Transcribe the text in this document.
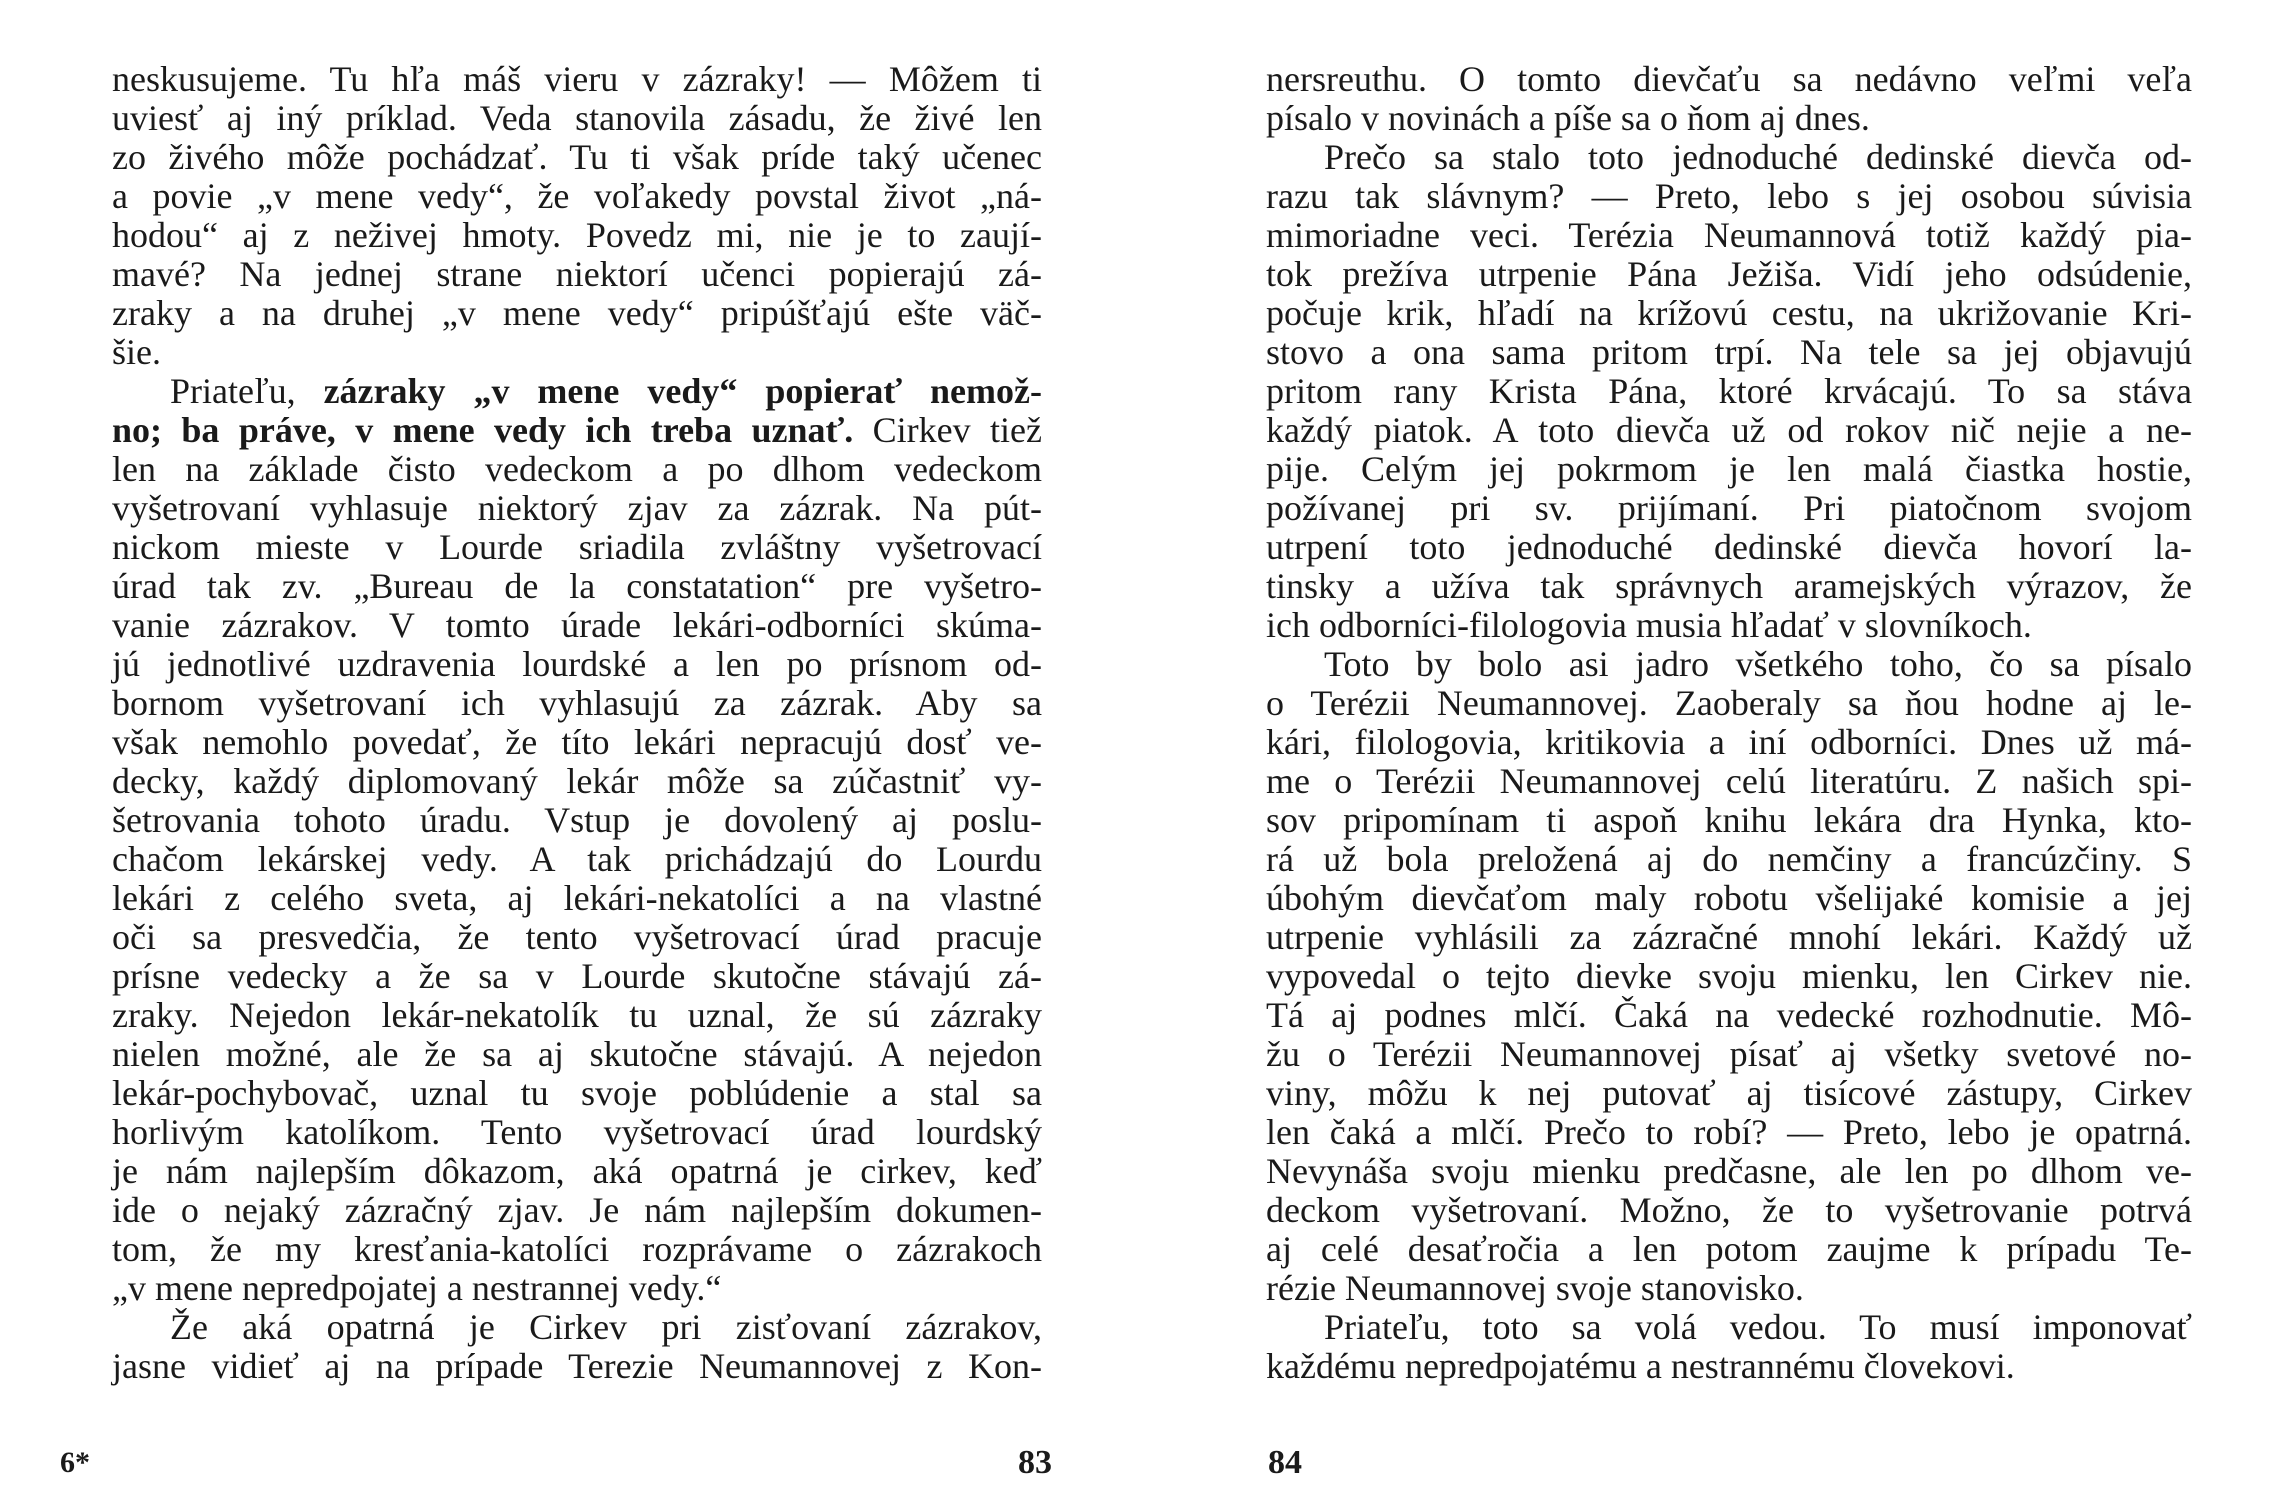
neskusujeme. Tu hľa máš vieru v zázraky! — Môžem ti
uviesť aj iný príklad. Veda stanovila zásadu, že živé len
zo živého môže pochádzať. Tu ti však príde taký učenec
a povie „v mene vedy“, že voľakedy povstal život „ná-
hodou“ aj z neživej hmoty. Povedz mi, nie je to zaují-
mavé? Na jednej strane niektorí učenci popierajú zá-
zraky a na druhej „v mene vedy“ pripúšťajú ešte väč-
šie.
Priateľu, zázraky „v mene vedy“ popierať nemož-
no; ba práve, v mene vedy ich treba uznať. Cirkev tiež
len na základe čisto vedeckom a po dlhom vedeckom
vyšetrovaní vyhlasuje niektorý zjav za zázrak. Na pút-
nickom mieste v Lourde sriadila zvláštny vyšetrovací
úrad tak zv. „Bureau de la constatation“ pre vyšetro-
vanie zázrakov. V tomto úrade lekári-odborníci skúma-
jú jednotlivé uzdravenia lourdské a len po prísnom od-
bornom vyšetrovaní ich vyhlasujú za zázrak. Aby sa
však nemohlo povedať, že títo lekári nepracujú dosť ve-
decky, každý diplomovaný lekár môže sa zúčastniť vy-
šetrovania tohoto úradu. Vstup je dovolený aj poslu-
chačom lekárskej vedy. A tak prichádzajú do Lourdu
lekári z celého sveta, aj lekári-nekatolíci a na vlastné
oči sa presvedčia, že tento vyšetrovací úrad pracuje
prísne vedecky a že sa v Lourde skutočne stávajú zá-
zraky. Nejedon lekár-nekatolík tu uznal, že sú zázraky
nielen možné, ale že sa aj skutočne stávajú. A nejedon
lekár-pochybovač, uznal tu svoje poblúdenie a stal sa
horlivým katolíkom. Tento vyšetrovací úrad lourdský
je nám najlepším dôkazom, aká opatrná je cirkev, keď
ide o nejaký zázračný zjav. Je nám najlepším dokumen-
tom, že my kresťania-katolíci rozprávame o zázrakoch
„v mene nepredpojatej a nestrannej vedy.“
Že aká opatrná je Cirkev pri zisťovaní zázrakov,
jasne vidieť aj na prípade Terezie Neumannovej z Kon-
6*	83
nersreuthu. O tomto dievčaťu sa nedávno veľmi veľa
písalo v novinách a píše sa o ňom aj dnes.
Prečo sa stalo toto jednoduché dedinské dievča od-
razu tak slávnym? — Preto, lebo s jej osobou súvisia
mimoriadne veci. Terézia Neumannová totiž každý pia-
tok prežíva utrpenie Pána Ježiša. Vidí jeho odsúdenie,
počuje krik, hľadí na krížovú cestu, na ukrižovanie Kri-
stovo a ona sama pritom trpí. Na tele sa jej objavujú
pritom rany Krista Pána, ktoré krvácajú. To sa stáva
každý piatok. A toto dievča už od rokov nič nejie a ne-
pije. Celým jej pokrmom je len malá čiastka hostie,
požívanej pri sv. prijímaní. Pri piatočnom svojom
utrpení toto jednoduché dedinské dievča hovorí la-
tinsky a užíva tak správnych aramejských výrazov, že
ich odborníci-filologovia musia hľadať v slovníkoch.
Toto by bolo asi jadro všetkého toho, čo sa písalo
o Terézii Neumannovej. Zaoberaly sa ňou hodne aj le-
kári, filologovia, kritikovia a iní odborníci. Dnes už má-
me o Terézii Neumannovej celú literatúru. Z našich spi-
sov pripomínam ti aspoň knihu lekára dra Hynka, kto-
rá už bola preložená aj do nemčiny a francúzčiny. S
úbohým dievčaťom maly robotu všelijaké komisie a jej
utrpenie vyhlásili za zázračné mnohí lekári. Každý už
vypovedal o tejto dievke svoju mienku, len Cirkev nie.
Tá aj podnes mlčí. Čaká na vedecké rozhodnutie. Mô-
žu o Terézii Neumannovej písať aj všetky svetové no-
viny, môžu k nej putovať aj tisícové zástupy, Cirkev
len čaká a mlčí. Prečo to robí? — Preto, lebo je opatrná.
Nevynáša svoju mienku predčasne, ale len po dlhom ve-
deckom vyšetrovaní. Možno, že to vyšetrovanie potrvá
aj celé desaťročia a len potom zaujme k prípadu Te-
rézie Neumannovej svoje stanovisko.
Priateľu, toto sa volá vedou. To musí imponovať
každému nepredpojatému a nestrannému človekovi.
84
